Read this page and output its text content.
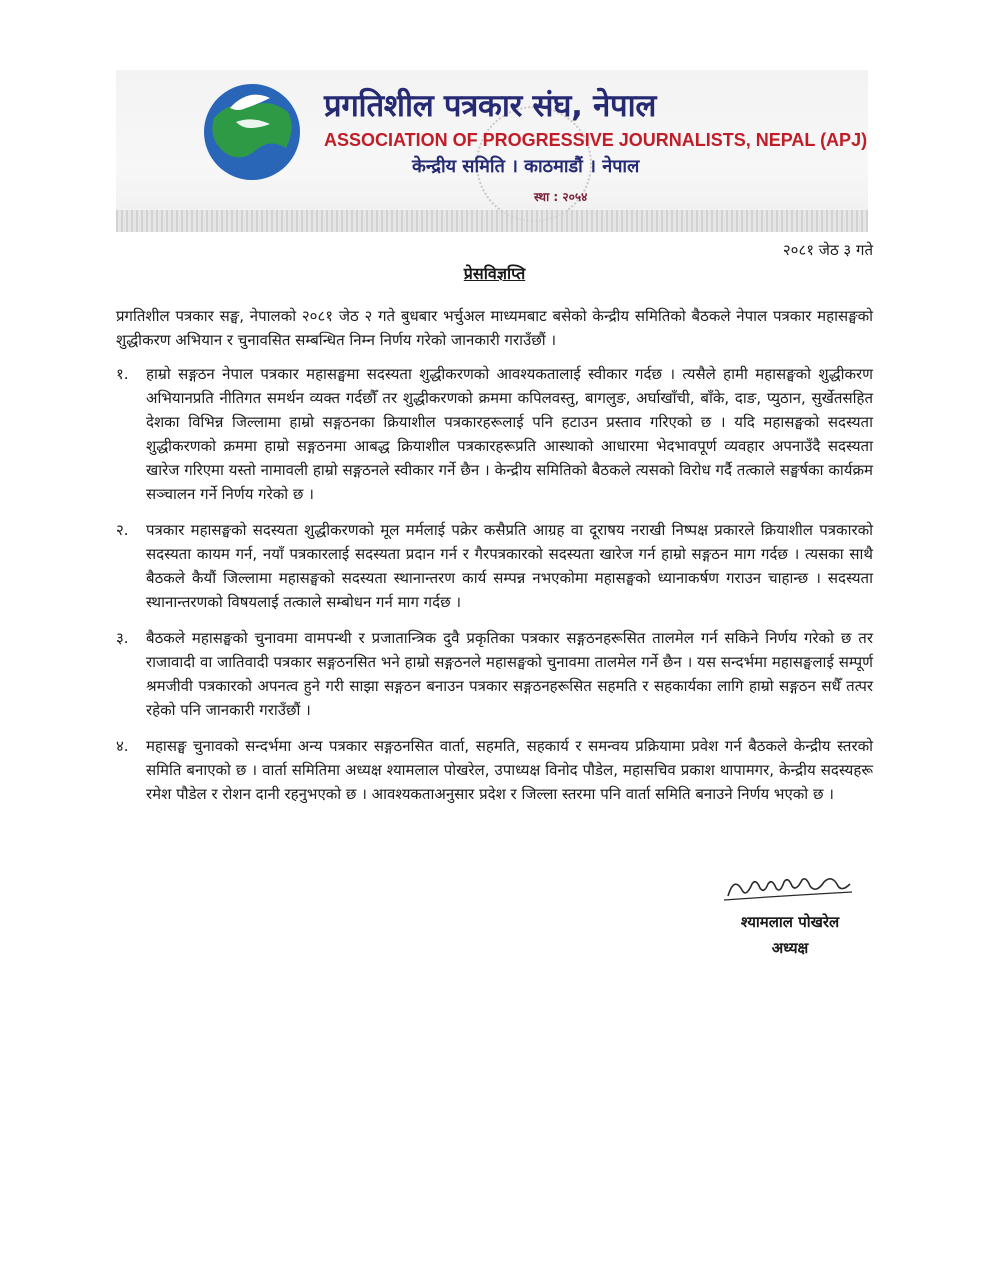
स्था : २०५४
प्रगतिशील पत्रकार संघ, नेपाल
ASSOCIATION OF PROGRESSIVE JOURNALISTS, NEPAL (APJ)
केन्द्रीय समिति । काठमाडौं । नेपाल
२०८१ जेठ ३ गते
प्रेसविज्ञप्ति

प्रगतिशील पत्रकार सङ्घ, नेपालको २०८१ जेठ २ गते बुधबार भर्चुअल माध्यमबाट बसेको केन्द्रीय समितिको बैठकले नेपाल पत्रकार महासङ्घको शुद्धीकरण अभियान र चुनावसित सम्बन्धित निम्न निर्णय गरेको जानकारी गराउँछौं ।

१.	हाम्रो सङ्गठन नेपाल पत्रकार महासङ्घमा सदस्यता शुद्धीकरणको आवश्यकतालाई स्वीकार गर्दछ । त्यसैले हामी महासङ्घको शुद्धीकरण अभियानप्रति नीतिगत समर्थन व्यक्त गर्दछौँ तर शुद्धीकरणको क्रममा कपिलवस्तु, बागलुङ, अर्घाखाँची, बाँके, दाङ, प्युठान, सुर्खेतसहित देशका विभिन्न जिल्लामा हाम्रो सङ्गठनका क्रियाशील पत्रकारहरूलाई पनि हटाउन प्रस्ताव गरिएको छ । यदि महासङ्घको सदस्यता शुद्धीकरणको क्रममा हाम्रो सङ्गठनमा आबद्ध क्रियाशील पत्रकारहरूप्रति आस्थाको आधारमा भेदभावपूर्ण व्यवहार अपनाउँदै सदस्यता खारेज गरिएमा यस्तो नामावली हाम्रो सङ्गठनले स्वीकार गर्ने छैन । केन्द्रीय समितिको बैठकले त्यसको विरोध गर्दै तत्काले सङ्घर्षका कार्यक्रम सञ्चालन गर्ने निर्णय गरेको छ ।
२.	पत्रकार महासङ्घको सदस्यता शुद्धीकरणको मूल मर्मलाई पक्रेर कसैप्रति आग्रह वा दूराषय नराखी निष्पक्ष प्रकारले क्रियाशील पत्रकारको सदस्यता कायम गर्न, नयाँ पत्रकारलाई सदस्यता प्रदान गर्न र गैरपत्रकारको सदस्यता खारेज गर्न हाम्रो सङ्गठन माग गर्दछ । त्यसका साथै बैठकले कैयौं जिल्लामा महासङ्घको सदस्यता स्थानान्तरण कार्य सम्पन्न नभएकोमा महासङ्घको ध्यानाकर्षण गराउन चाहान्छ । सदस्यता स्थानान्तरणको विषयलाई तत्काले सम्बोधन गर्न माग गर्दछ ।
३.	बैठकले महासङ्घको चुनावमा वामपन्थी र प्रजातान्त्रिक दुवै प्रकृतिका पत्रकार सङ्गठनहरूसित तालमेल गर्न सकिने निर्णय गरेको छ तर राजावादी वा जातिवादी पत्रकार सङ्गठनसित भने हाम्रो सङ्गठनले महासङ्घको चुनावमा तालमेल गर्ने छैन । यस सन्दर्भमा महासङ्घलाई सम्पूर्ण श्रमजीवी पत्रकारको अपनत्व हुने गरी साझा सङ्गठन बनाउन पत्रकार सङ्गठनहरूसित सहमति र सहकार्यका लागि हाम्रो सङ्गठन सधैँ तत्पर रहेको पनि जानकारी गराउँछौं ।
४.	महासङ्घ चुनावको सन्दर्भमा अन्य पत्रकार सङ्गठनसित वार्ता, सहमति, सहकार्य र समन्वय प्रक्रियामा प्रवेश गर्न बैठकले केन्द्रीय स्तरको समिति बनाएको छ । वार्ता समितिमा अध्यक्ष श्यामलाल पोखरेल, उपाध्यक्ष विनोद पौडेल, महासचिव प्रकाश थापामगर, केन्द्रीय सदस्यहरू रमेश पौडेल र रोशन दानी रहनुभएको छ । आवश्यकताअनुसार प्रदेश र जिल्ला स्तरमा पनि वार्ता समिति बनाउने निर्णय भएको छ ।
श्यामलाल पोखरेल
अध्यक्ष
